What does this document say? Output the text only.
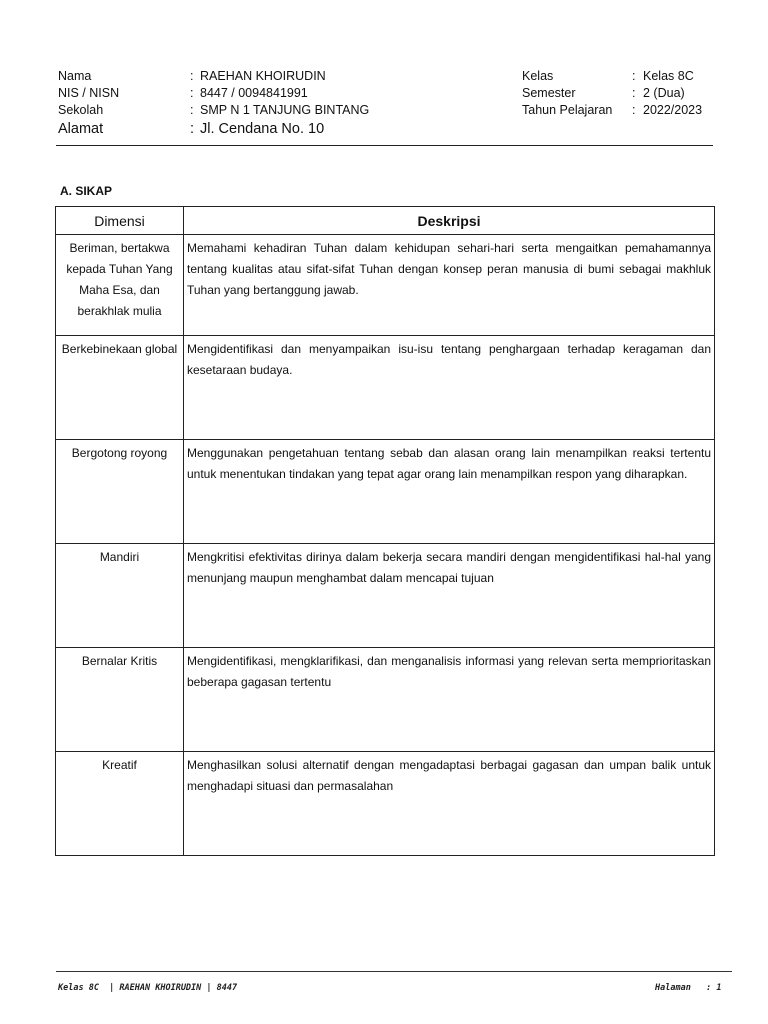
Nama	: RAEHAN KHOIRUDIN
NIS / NISN	: 8447 / 0094841991
Sekolah	: SMP N 1 TANJUNG BINTANG
Alamat	: Jl. Cendana No. 10
Kelas	: Kelas 8C
Semester	: 2 (Dua)
Tahun Pelajaran : 2022/2023
A. SIKAP
Dimensi	Deskripsi
Beriman, bertakwa kepada Tuhan Yang Maha Esa, dan berakhlak mulia	Memahami kehadiran Tuhan dalam kehidupan sehari-hari serta mengaitkan pemahamannya tentang kualitas atau sifat-sifat Tuhan dengan konsep peran manusia di bumi sebagai makhluk Tuhan yang bertanggung jawab.
Berkebinekaan global	Mengidentifikasi dan menyampaikan isu-isu tentang penghargaan terhadap keragaman dan kesetaraan budaya.
Bergotong royong	Menggunakan pengetahuan tentang sebab dan alasan orang lain menampilkan reaksi tertentu untuk menentukan tindakan yang tepat agar orang lain menampilkan respon yang diharapkan.
Mandiri	Mengkritisi efektivitas dirinya dalam bekerja secara mandiri dengan mengidentifikasi hal-hal yang menunjang maupun menghambat dalam mencapai tujuan
Bernalar Kritis	Mengidentifikasi, mengklarifikasi, dan menganalisis informasi yang relevan serta memprioritaskan beberapa gagasan tertentu
Kreatif	Menghasilkan solusi alternatif dengan mengadaptasi berbagai gagasan dan umpan balik untuk menghadapi situasi dan permasalahan
Kelas 8C  | RAEHAN KHOIRUDIN | 8447	Halaman   : 1
